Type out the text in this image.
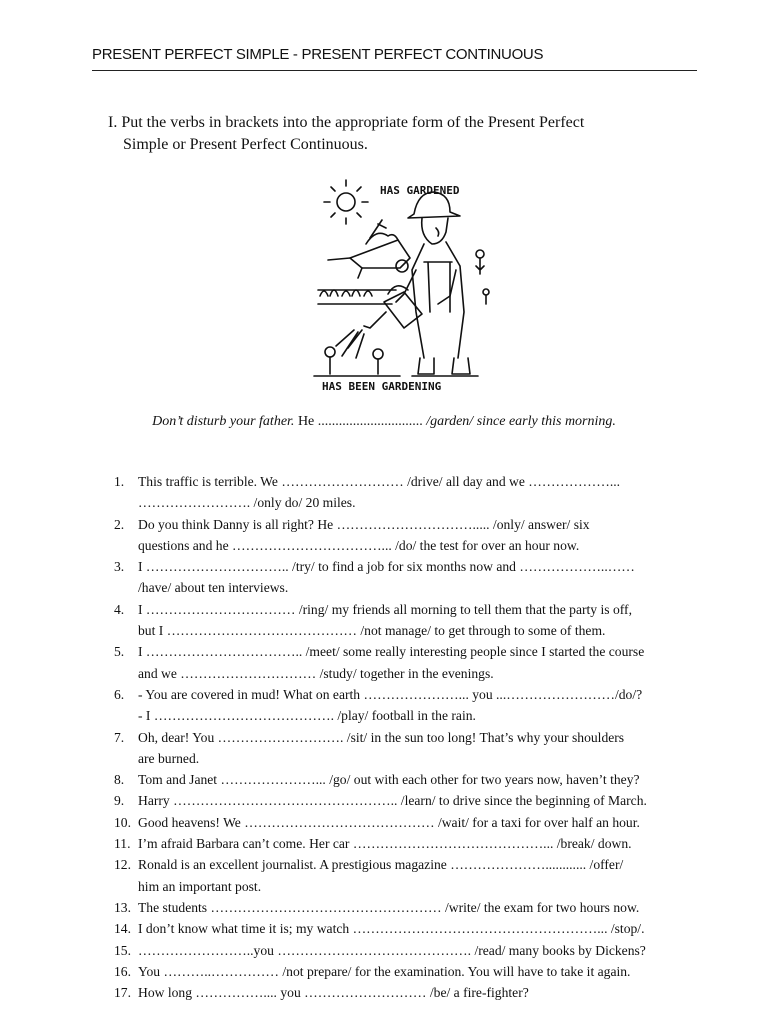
PRESENT PERFECT SIMPLE - PRESENT PERFECT CONTINUOUS
I. Put the verbs in brackets into the appropriate form of the Present Perfect
Simple or Present Perfect Continuous.
HAS GARDENED
HAS BEEN GARDENING
Don’t disturb your father. He .............................. /garden/ since early this morning.
1. This traffic is terrible. We ……………………… /drive/ all day and we ………………...
……………………. /only do/ 20 miles.
2. Do you think Danny is all right? He …………………………..... /only/ answer/ six
questions and he ……………………………... /do/ the test for over an hour now.
3. I ………………………….. /try/ to find a job for six months now and ………………..……
/have/ about ten interviews.
4. I …………………………… /ring/ my friends all morning to tell them that the party is off,
but I …………………………………… /not manage/ to get through to some of them.
5. I …………………………….. /meet/ some really interesting people since I started the course
and we ………………………… /study/ together in the evenings.
6. - You are covered in mud! What on earth …………………... you ...……………………/do/?
- I …………………………………. /play/ football in the rain.
7. Oh, dear! You ………………………. /sit/ in the sun too long! That’s why your shoulders
are burned.
8. Tom and Janet …………………... /go/ out with each other for two years now, haven’t they?
9. Harry ………………………………………….. /learn/ to drive since the beginning of March.
10. Good heavens! We …………………………………… /wait/ for a taxi for over half an hour.
11. I’m afraid Barbara can’t come. Her car ……………………………………... /break/ down.
12. Ronald is an excellent journalist. A prestigious magazine …………………............ /offer/
him an important post.
13. The students …………………………………………… /write/ the exam for two hours now.
14. I don’t know what time it is; my watch ………………………………………………... /stop/.
15. ……………………..you ……………………………………. /read/ many books by Dickens?
16. You ………..…………… /not prepare/ for the examination. You will have to take it again.
17. How long …………….... you ……………………… /be/ a fire-fighter?
